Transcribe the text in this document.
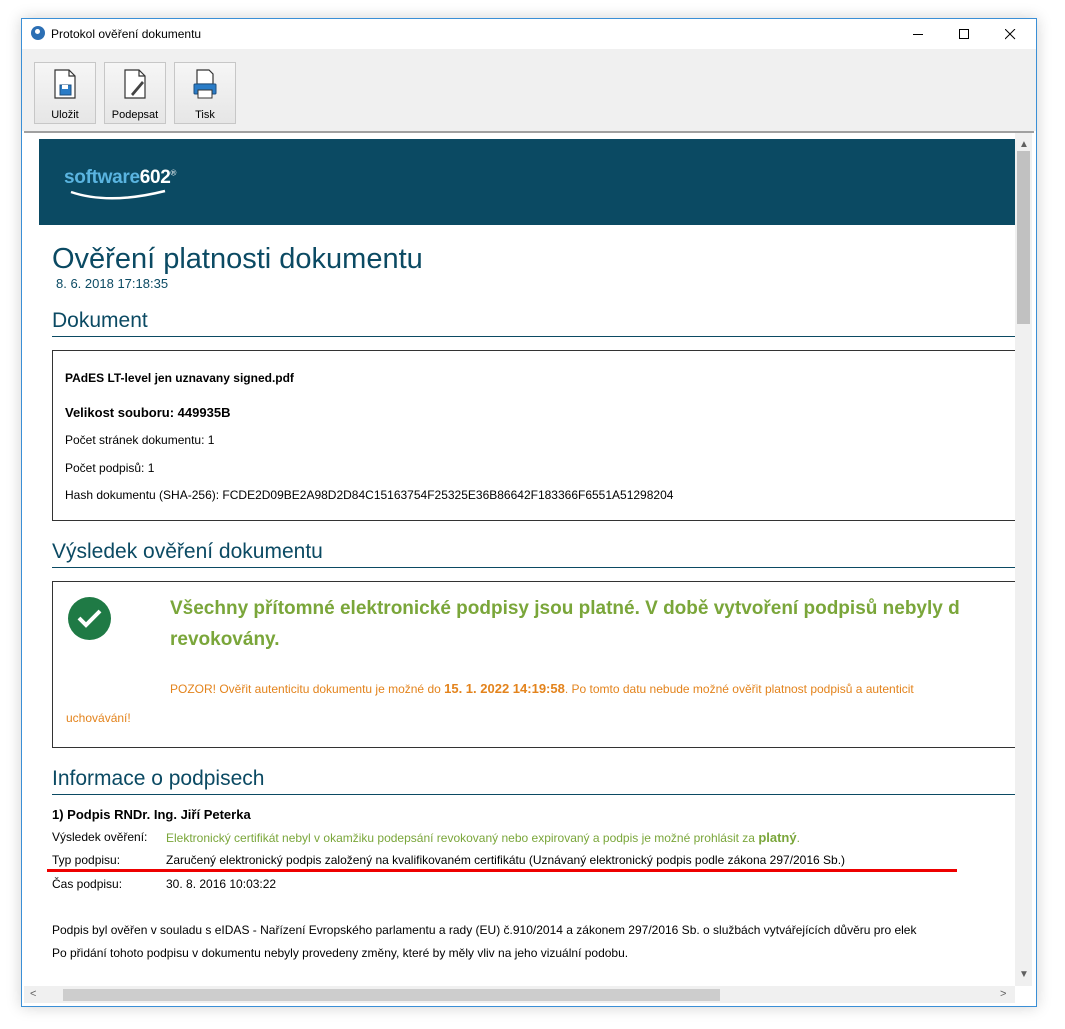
Protokol ověření dokumentu
Uložit	Podepsat	Tisk
software602®
Ověření platnosti dokumentu
8. 6. 2018 17:18:35
Dokument
PAdES LT-level jen uznavany signed.pdf
Velikost souboru: 449935B
Počet stránek dokumentu: 1
Počet podpisů: 1
Hash dokumentu (SHA-256): FCDE2D09BE2A98D2D84C15163754F25325E36B86642F183366F6551A51298204
Výsledek ověření dokumentu
Všechny přítomné elektronické podpisy jsou platné. V době vytvoření podpisů nebyly d
revokovány.
POZOR! Ověřit autenticitu dokumentu je možné do 15. 1. 2022 14:19:58. Po tomto datu nebude možné ověřit platnost podpisů a autenticit
uchovávání!
Informace o podpisech
1) Podpis RNDr. Ing. Jiří Peterka
Výsledek ověření: Elektronický certifikát nebyl v okamžiku podepsání revokovaný nebo expirovaný a podpis je možné prohlásit za platný.
Typ podpisu:	Zaručený elektronický podpis založený na kvalifikovaném certifikátu (Uznávaný elektronický podpis podle zákona 297/2016 Sb.)
Čas podpisu:	30. 8. 2016 10:03:22
Podpis byl ověřen v souladu s eIDAS - Nařízení Evropského parlamentu a rady (EU) č.910/2014 a zákonem 297/2016 Sb. o službách vytvářejících důvěru pro elek
Po přidání tohoto podpisu v dokumentu nebyly provedeny změny, které by měly vliv na jeho vizuální podobu.
▲
▼
<	>
